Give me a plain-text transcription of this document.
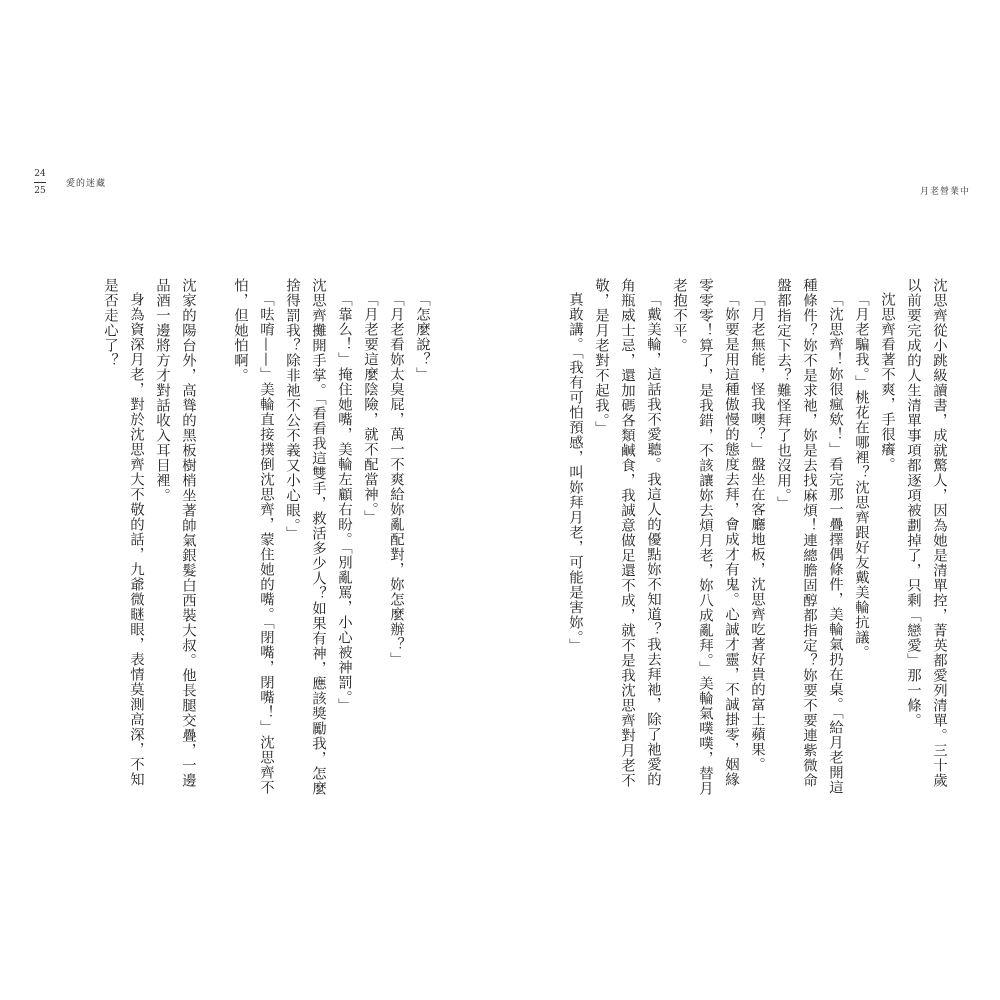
24
25
愛的迷藏
月老營業中

沈思齊從小跳級讀書，成就驚人，因為她是清單控，菁英都愛列清單。三十歲以前要完成的人生清單事項都逐項被劃掉了，只剩「戀愛」那一條。

沈思齊看著不爽，手很癢。

「月老騙我。」桃花在哪裡？沈思齊跟好友戴美輪抗議。

「沈思齊！妳很瘋欸！」看完那一疊擇偶條件，美輪氣扔在桌。「給月老開這種條件？妳不是求祂，妳是去找麻煩！連總膽固醇都指定？妳要不要連紫微命盤都指定下去？難怪拜了也沒用。」

「月老無能，怪我噢？」盤坐在客廳地板，沈思齊吃著好貴的富士蘋果。

「妳要是用這種傲慢的態度去拜，會成才有鬼。心誠才靈，不誠掛零，姻緣零零零！算了，是我錯，不該讓妳去煩月老，妳八成亂拜。」美輪氣噗噗，替月老抱不平。

「戴美輪，這話我不愛聽。我這人的優點妳不知道？我去拜祂，除了祂愛的角瓶威士忌，還加碼各類鹹食，我誠意做足還不成，就不是我沈思齊對月老不敬，是月老對不起我。」

真敢講。「我有可怕預感，叫妳拜月老，可能是害妳。」

「怎麼說？」

「月老看妳太臭屁，萬一不爽給妳亂配對，妳怎麼辦？」

「月老要這麼陰險，就不配當神。」

「靠么！」掩住她嘴，美輪左顧右盼。「別亂罵，小心被神罰。」

沈思齊攤開手掌。「看看我這雙手，救活多少人？如果有神，應該獎勵我，怎麼捨得罰我？除非祂不公不義又小心眼。」

「呿唷——」美輪直接撲倒沈思齊，蒙住她的嘴。「閉嘴，閉嘴！」沈思齊不怕，但她怕啊。

沈家的陽台外，高聳的黑板樹梢坐著帥氣銀髮白西裝大叔。他長腿交疊，一邊品酒一邊將方才對話收入耳目裡。

身為資深月老，對於沈思齊大不敬的話，九爺微瞇眼，表情莫測高深，不知是否走心了？
